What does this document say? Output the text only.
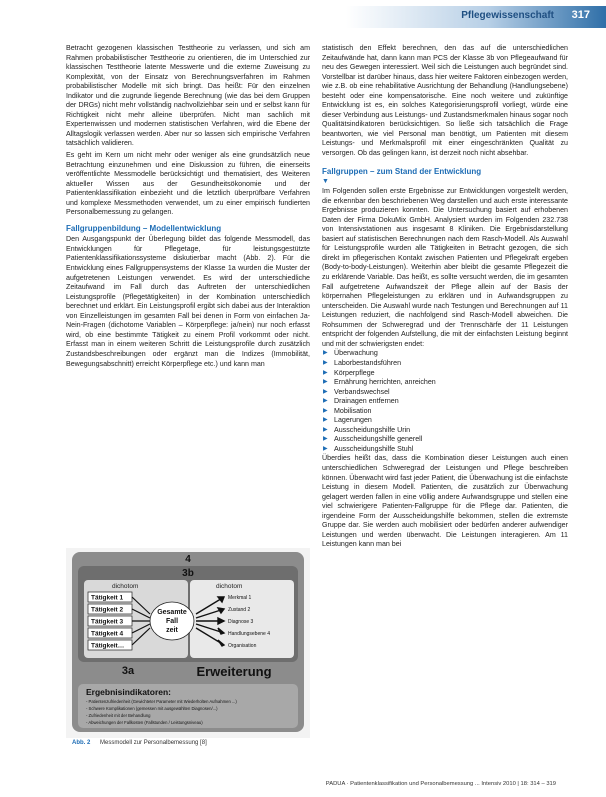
Pflegewissenschaft 317

Betracht gezogenen klassischen Testtheorie zu verlassen, und sich am Rahmen probabilistischer Testtheorie zu orientieren, die im Unterschied zur klassischen Testtheorie latente Messwerte und die externe Zuweisung zu Komplexität, von der Einsatz von Berechnungsverfahren im Rahmen probabilistischer Modelle mit sich bringt. Das heißt: Für den einzelnen Indikator und die zugrunde liegende Berechnung (wie das bei dem Gruppen der DRGs) nicht mehr vollständig nachvollziehbar sein und er selbst kann für Richtigkeit nicht mehr alleine überprüfen. Nicht man sachlich mit Expertenwissen und modernen statistischen Verfahren, wird die Ebene der Alltagslogik verlassen werden. Aber nur so lassen sich empirische Verfahren tatsächlich validieren.

Es geht im Kern um nicht mehr oder weniger als eine grundsätzlich neue Betrachtung einzunehmen und eine Diskussion zu führen, die einerseits veröffentlichte Messmodelle berücksichtigt und thematisiert, des Weiteren aktueller Wissen aus der Gesundheitsökonomie und der Patientenklassifikation einbezieht und die letztlich überprüfbare Verfahren und komplexe Messmethoden verwendet, um zu einer empirisch fundierten Personalbemessung zu gelangen.

Fallgruppenbildung – Modellentwicklung

Den Ausgangspunkt der Überlegung bildet das folgende Messmodell, das Entwicklungen für Pflegetage, für leistungsgestützte Patientenklassifikationssysteme diskutierbar macht (Abb. 2). Für die Entwicklung eines Fallgruppensystems der Klasse 1a wurden die Muster der aufgetretenen Leistungen verwendet. Es wird der unterschiedliche Zeitaufwand im Fall durch das Auftreten der unterschiedlichen Leistungsprofile (Pflegetätigkeiten) in der Kombination unterschiedlich berechnet und erklärt. Ein Leistungsprofil ergibt sich dabei aus der Interaktion von Einzelleistungen im gesamten Fall bei denen in Form von einfachen Ja-Nein-Fragen (dichotome Variablen – Körperpflege: ja/nein) nur noch erfasst wird, ob eine bestimmte Tätigkeit zu einem Profil vorkommt oder nicht. Erfasst man in einem weiteren Schritt die Leistungsprofile durch zusätzlich Zustandsbeschreibungen oder ergänzt man die Indizes (Immobilität, Bewegungsabschnitt) erreicht Körperpflege etc.) und kann man

statistisch den Effekt berechnen, den das auf die unterschiedlichen Zeitaufwände hat, dann kann man PCS der Klasse 3b von Pflegeaufwand für neu des Gewegen interessiert. Weil sich die Leistungen auch begründet sind. Vorstellbar ist darüber hinaus, dass hier weitere Faktoren einbezogen werden, wie z.B. ob eine rehabilitative Ausrichtung der Behandlung (Handlungsebene) besteht oder eine kompensatorische. Eine noch weitere und zukünftige Entwicklung ist es, ein solches Kategorisierungsprofil vorliegt, würde eine dieser Verbindung aus Leistungs- und Zustandsmerkmalen hinaus sogar noch Qualitätsindikatoren berücksichtigen. So ließe sich tatsächlich die Frage beantworten, wie viel Personal man benötigt, um Patienten mit diesem Leistungs- und Merkmalsprofil mit einer eingeschränkten Qualität zu versorgen. Ob das gelingen kann, ist derzeit noch nicht absehbar.

Fallgruppen – zum Stand der Entwicklung
▼

Im Folgenden sollen erste Ergebnisse zur Entwicklungen vorgestellt werden, die erkennbar den beschriebenen Weg darstellen und auch erste interessante Ergebnisse produzieren konnten. Die Untersuchung basiert auf erhobenen Daten der Firma DokuMix GmbH. Analysiert wurden im Folgenden 232.738 von Intensivstationen aus insgesamt 8 Kliniken. Die Ergebnisdarstellung basiert auf statistischen Berechnungen nach dem Rasch-Modell. Als Auswahl für Leistungsprofile wurden alle Tätigkeiten in Betracht gezogen, die sich direkt im pflegerischen Kontakt zwischen Patienten und Pflegekraft ergeben (Body-to-body-Leistungen). Weiterhin aber bleibt die gesamte Pflegezeit die zu erklärende Variable. Das heißt, es sollte versucht werden, die im gesamten Fall aufgetretene Aufwandszeit der Pflege allein auf der Basis der körpernahen Pflegeleistungen zu erklären und in Aufwandsgruppen zu unterscheiden. Die Auswahl wurde nach Testungen und Berechnungen auf 11 Leistungen reduziert, die nachfolgend sind Rasch-Modell abweichen. Die Rohsummen der Schweregrad und der Trennschärfe der 11 Leistungen entspricht der folgenden Aufstellung, die mit der einfachsten Leistung beginnt und mit der schwierigsten endet:

▶ Überwachung
▶ Laborbestandsführen
▶ Körperpflege
▶ Ernährung herrichten, anreichen
▶ Verbandswechsel
▶ Drainagen entfernen
▶ Mobilisation
▶ Lagerungen
▶ Ausscheidungshilfe Urin
▶ Ausscheidungshilfe generell
▶ Ausscheidungshilfe Stuhl

Überdies heißt das, dass die Kombination dieser Leistungen auch einen unterschiedlichen Schweregrad der Leistungen und Pflege beschreiben können. Überwacht wird fast jeder Patient, die Überwachung ist die einfachste Leistung in diesem Modell. Patienten, die zusätzlich zur Überwachung gelagert werden fallen in eine völlig andere Aufwandsgruppe und stellen eine viel schwierigere Patienten-Fallgruppe für die Pflege dar. Patienten, die irgendeine Form der Ausscheidungshilfe bekommen, stellen die extremste Gruppe dar. Sie werden auch mobilisiert oder bedürfen anderer aufwendiger Leistungen und werden überwacht. Die Leistungen interagieren. Am 11 Leistungen kann man bei

4
3b
dichotom	dichotom
Tätigkeit 1
Tätigkeit 2
Tätigkeit 3
Tätigkeit 4
Tätigkeit…
Gesamte
Fall
zeit
Merkmal 1
Zustand 2
Diagnose 3
Handlungsebene 4
Organisation
3a	Erweiterung
Ergebnisindikatoren:
- Patientenzufriedenheit (Gewichteter Parameter mit Wiederholten Aufnahmen ...)
- Schwere Komplikationen (gemessen mit ausgewählten Diagnosen/...)
- Zufriedenheit mit der Behandlung
- Abweichungen der Fallkosten (Fallstunden / Leistungsniveau)
Abb. 2 Messmodell zur Personalbemessung [8]
PADUA · Patientenklassifikation und Personalbemessung ... Intensiv 2010 | 18: 314 – 319
